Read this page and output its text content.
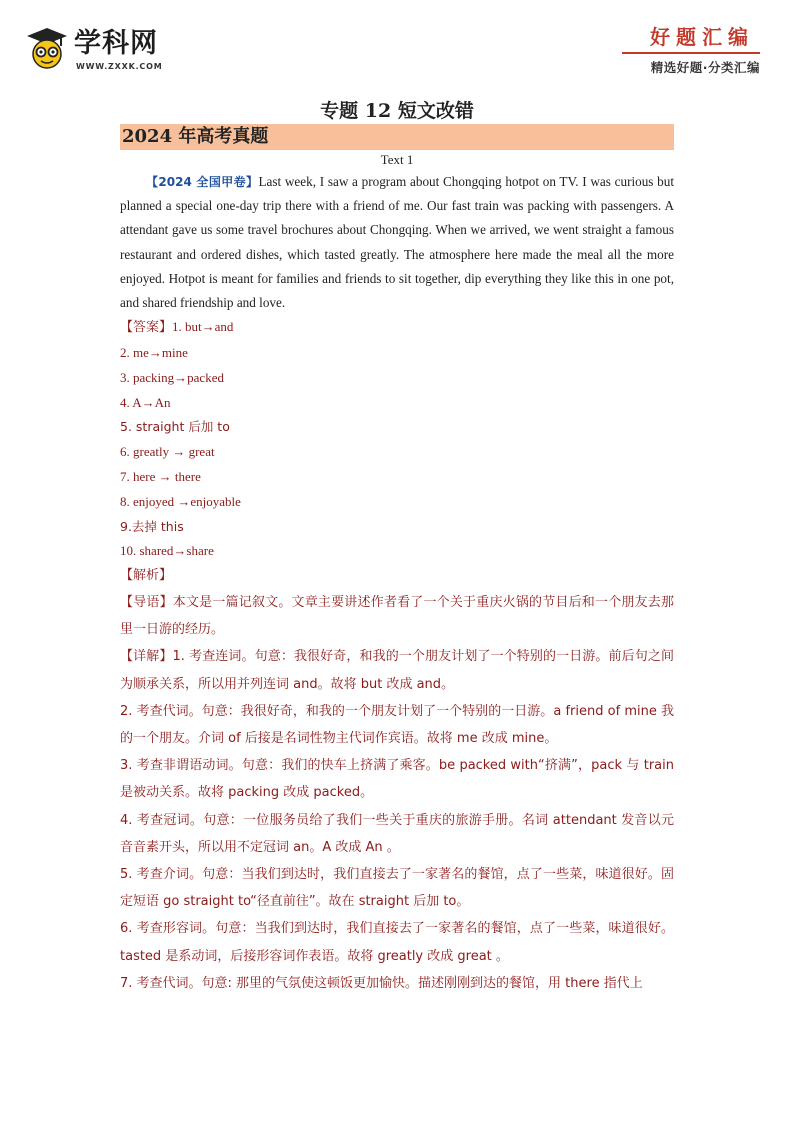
学科网
WWW.ZXXK.COM
好题汇编
精选好题·分类汇编
专题 12 短文改错
2024 年高考真题
Text 1

【2024 全国甲卷】Last week, I saw a program about Chongqing hotpot on TV. I was curious but planned a special one-day trip there with a friend of me. Our fast train was packing with passengers. A attendant gave us some travel brochures about Chongqing. When we arrived, we went straight a famous restaurant and ordered dishes, which tasted greatly. The atmosphere here made the meal all the more enjoyed. Hotpot is meant for families and friends to sit together, dip everything they like this in one pot, and shared friendship and love.

【答案】1. but→and
2. me→mine
3. packing→packed
4. A→An
5. straight 后加 to
6. greatly → great
7. here → there
8. enjoyed →enjoyable
9.去掉 this
10. shared→share
【解析】

【导语】本文是一篇记叙文。文章主要讲述作者看了一个关于重庆火锅的节目后和一个朋友去那里一日游的经历。

【详解】1. 考查连词。句意：我很好奇，和我的一个朋友计划了一个特别的一日游。前后句之间为顺承关系，所以用并列连词 and。故将 but 改成 and。

2. 考查代词。句意：我很好奇，和我的一个朋友计划了一个特别的一日游。a friend of mine 我的一个朋友。介词 of 后接是名词性物主代词作宾语。故将 me 改成 mine。

3. 考查非谓语动词。句意：我们的快车上挤满了乘客。be packed with“挤满”，pack 与 train 是被动关系。故将 packing 改成 packed。

4. 考查冠词。句意：一位服务员给了我们一些关于重庆的旅游手册。名词 attendant 发音以元音音素开头，所以用不定冠词 an。A 改成 An 。

5. 考查介词。句意：当我们到达时，我们直接去了一家著名的餐馆，点了一些菜，味道很好。固定短语 go straight to“径直前往”。故在 straight 后加 to。

6. 考查形容词。句意：当我们到达时，我们直接去了一家著名的餐馆，点了一些菜，味道很好。tasted 是系动词，后接形容词作表语。故将 greatly 改成 great 。

7. 考查代词。句意: 那里的气氛使这顿饭更加愉快。描述刚刚到达的餐馆，用 there 指代上
